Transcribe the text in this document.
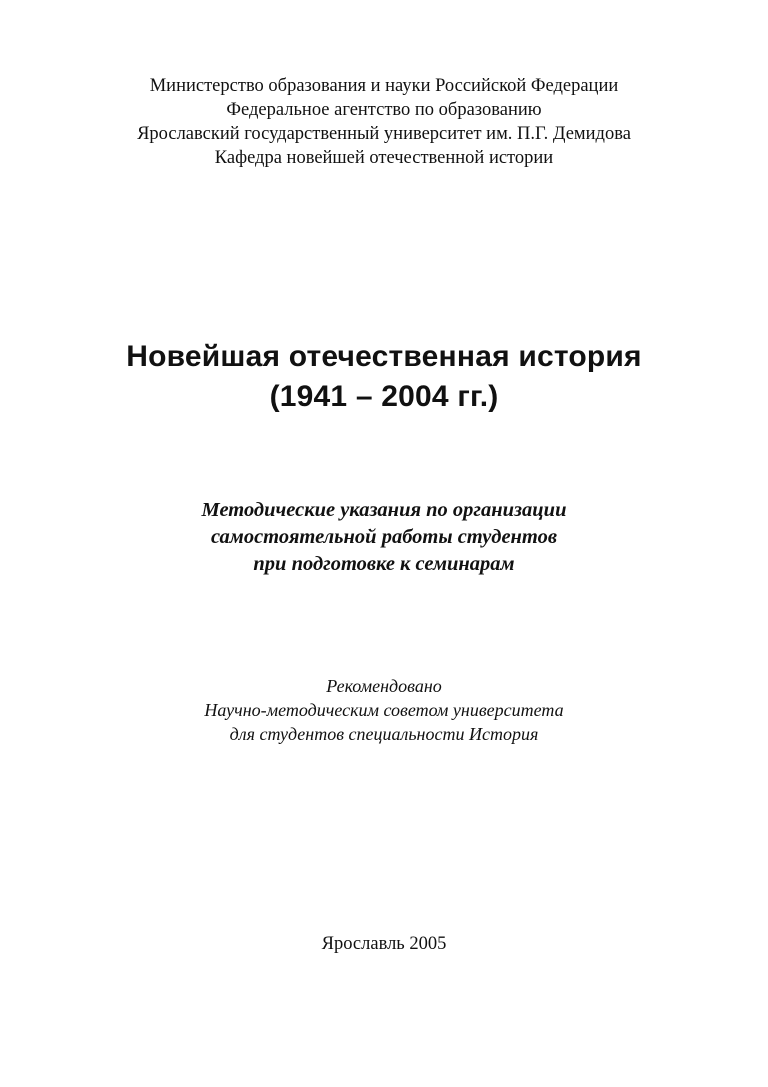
Министерство образования и науки Российской Федерации
Федеральное агентство по образованию
Ярославский государственный университет им. П.Г. Демидова
Кафедра новейшей отечественной истории
Новейшая отечественная история
(1941 – 2004 гг.)
Методические указания по организации
самостоятельной работы студентов
при подготовке к семинарам
Рекомендовано
Научно-методическим советом университета
для студентов специальности История
Ярославль 2005
